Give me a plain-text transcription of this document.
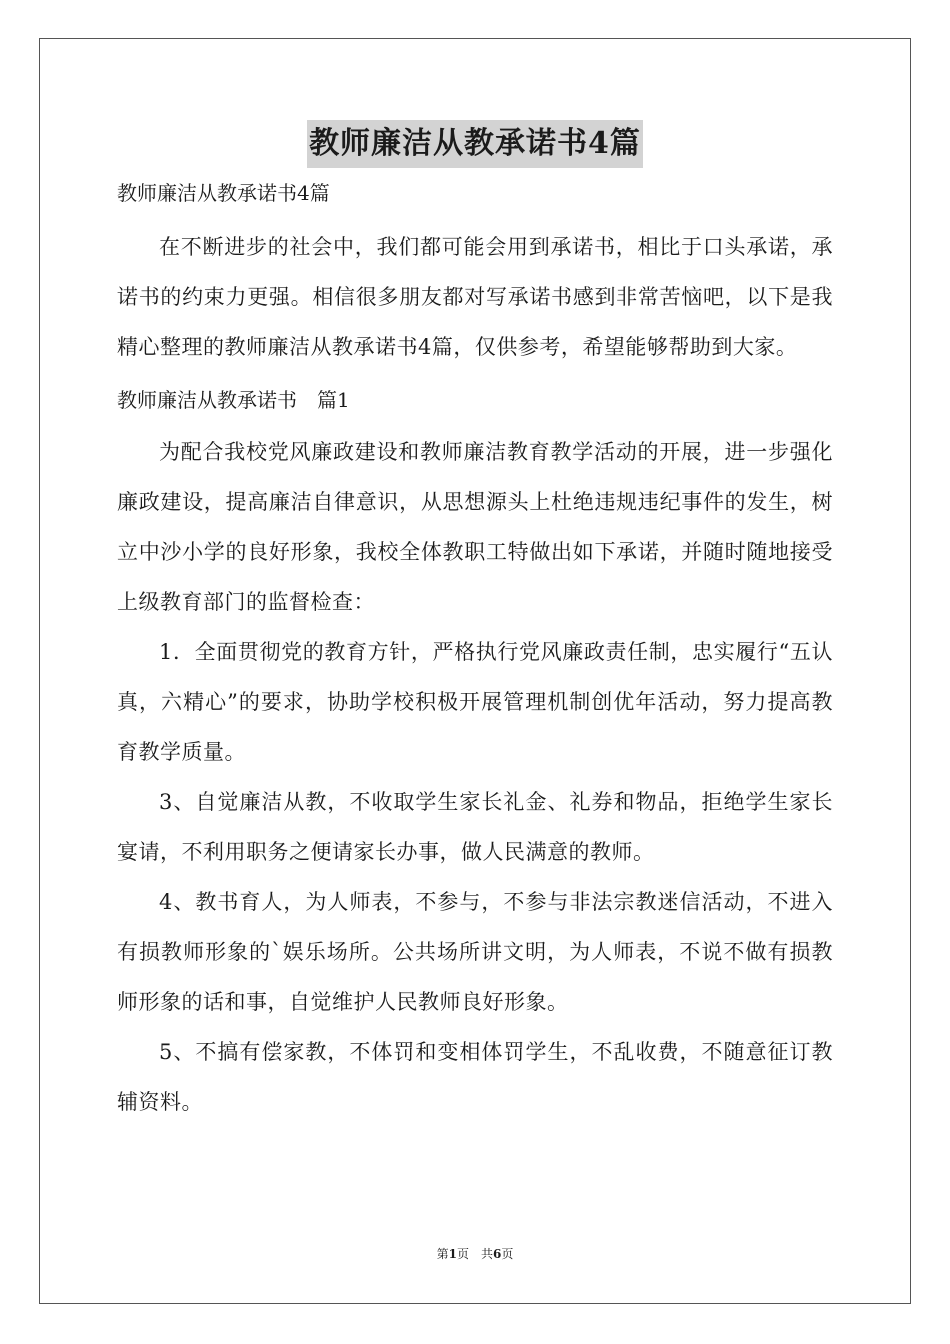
教师廉洁从教承诺书4篇

教师廉洁从教承诺书4篇

在不断进步的社会中，我们都可能会用到承诺书，相比于口头承诺，承诺书的约束力更强。相信很多朋友都对写承诺书感到非常苦恼吧，以下是我精心整理的教师廉洁从教承诺书4篇，仅供参考，希望能够帮助到大家。

教师廉洁从教承诺书　篇1

为配合我校党风廉政建设和教师廉洁教育教学活动的开展，进一步强化廉政建设，提高廉洁自律意识，从思想源头上杜绝违规违纪事件的发生，树立中沙小学的良好形象，我校全体教职工特做出如下承诺，并随时随地接受上级教育部门的监督检查：

1．全面贯彻党的教育方针，严格执行党风廉政责任制，忠实履行“五认真，六精心”的要求，协助学校积极开展管理机制创优年活动，努力提高教育教学质量。

3、自觉廉洁从教，不收取学生家长礼金、礼券和物品，拒绝学生家长宴请，不利用职务之便请家长办事，做人民满意的教师。

4、教书育人，为人师表，不参与，不参与非法宗教迷信活动，不进入有损教师形象的`娱乐场所。公共场所讲文明，为人师表，不说不做有损教师形象的话和事，自觉维护人民教师良好形象。

5、不搞有偿家教，不体罚和变相体罚学生，不乱收费，不随意征订教辅资料。

第1页　共6页
